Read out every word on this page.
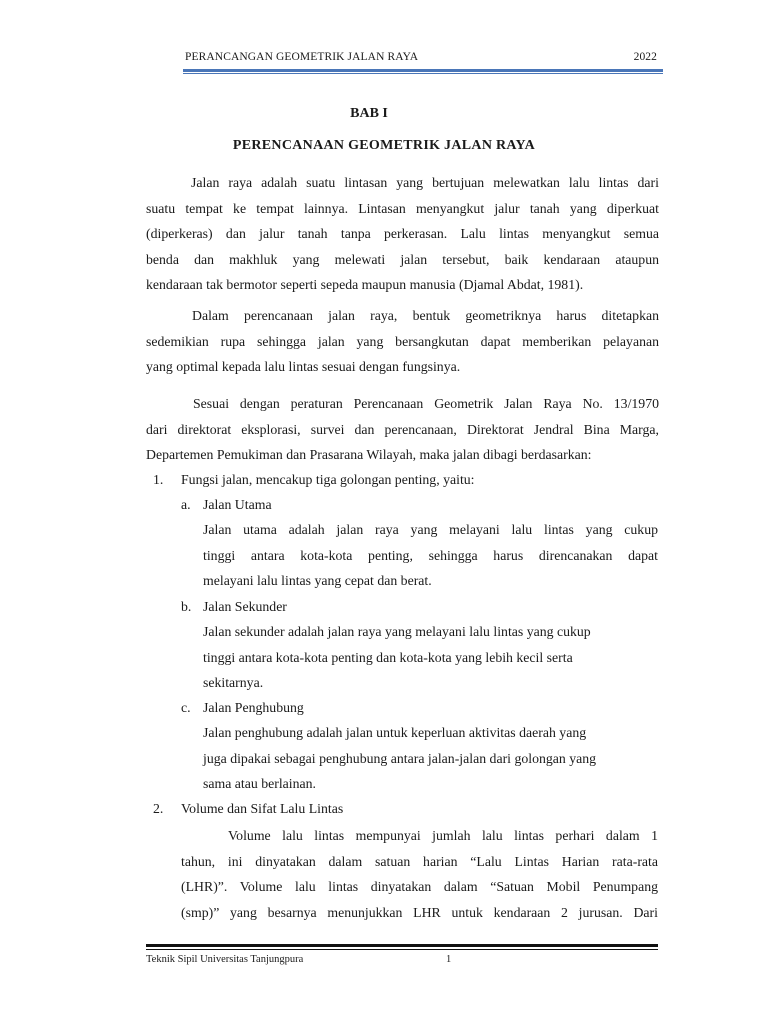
PERANCANGAN GEOMETRIK JALAN RAYA	2022
BAB I
PERENCANAAN GEOMETRIK JALAN RAYA
Jalan raya adalah suatu lintasan yang bertujuan melewatkan lalu lintas dari
suatu tempat ke tempat lainnya. Lintasan menyangkut jalur tanah yang diperkuat
(diperkeras) dan jalur tanah tanpa perkerasan. Lalu lintas menyangkut semua
benda dan makhluk yang melewati jalan tersebut, baik kendaraan ataupun
kendaraan tak bermotor seperti sepeda maupun manusia (Djamal Abdat, 1981).
Dalam perencanaan jalan raya, bentuk geometriknya harus ditetapkan
sedemikian rupa sehingga jalan yang bersangkutan dapat memberikan pelayanan
yang optimal kepada lalu lintas sesuai dengan fungsinya.
Sesuai dengan peraturan Perencanaan Geometrik Jalan Raya No. 13/1970
dari direktorat eksplorasi, survei dan perencanaan, Direktorat Jendral Bina Marga,
Departemen Pemukiman dan Prasarana Wilayah, maka jalan dibagi berdasarkan:
1. Fungsi jalan, mencakup tiga golongan penting, yaitu:
a. Jalan Utama
Jalan utama adalah jalan raya yang melayani lalu lintas yang cukup
tinggi antara kota-kota penting, sehingga harus direncanakan dapat
melayani lalu lintas yang cepat dan berat.
b. Jalan Sekunder
Jalan sekunder adalah jalan raya yang melayani lalu lintas yang cukup
tinggi antara kota-kota penting dan kota-kota yang lebih kecil serta
sekitarnya.
c. Jalan Penghubung
Jalan penghubung adalah jalan untuk keperluan aktivitas daerah yang
juga dipakai sebagai penghubung antara jalan-jalan dari golongan yang
sama atau berlainan.
2. Volume dan Sifat Lalu Lintas
Volume lalu lintas mempunyai jumlah lalu lintas perhari dalam 1
tahun, ini dinyatakan dalam satuan harian “Lalu Lintas Harian rata-rata
(LHR)”. Volume lalu lintas dinyatakan dalam “Satuan Mobil Penumpang
(smp)” yang besarnya menunjukkan LHR untuk kendaraan 2 jurusan. Dari
Teknik Sipil Universitas Tanjungpura	1
